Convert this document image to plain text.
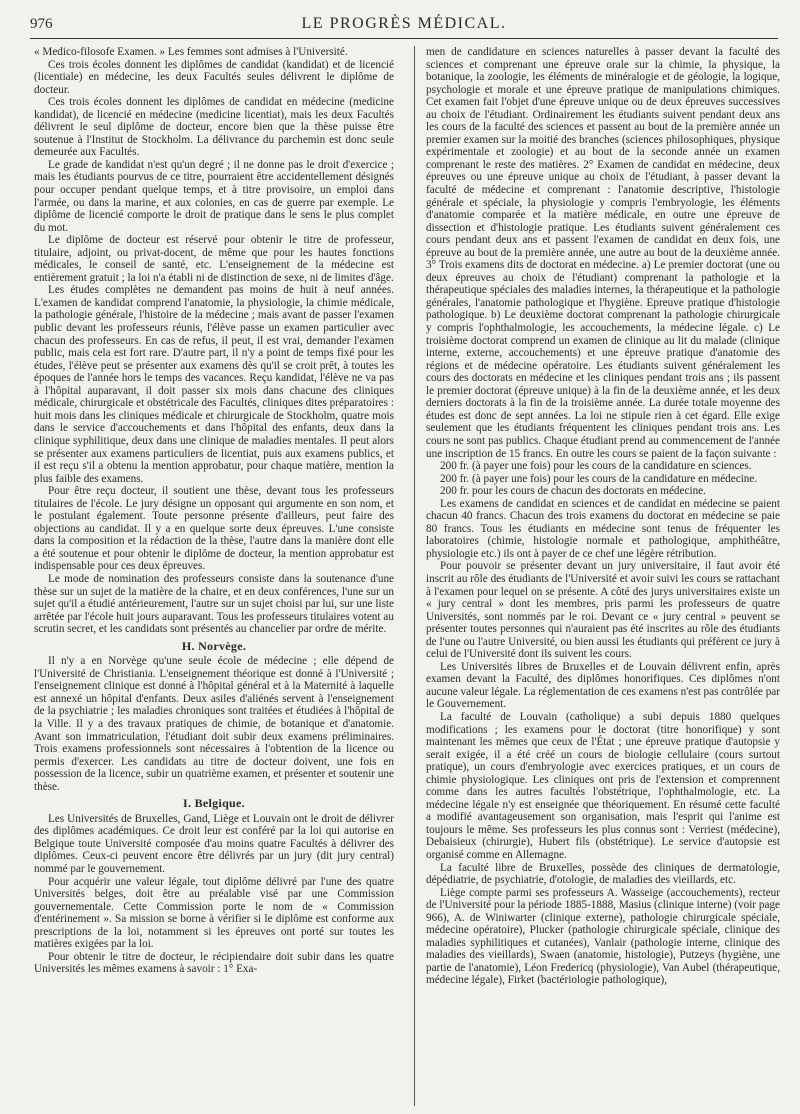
976	LE PROGRÈS MÉDICAL.

« Medico-filosofe Examen. » Les femmes sont admises à l'Université.

Ces trois écoles donnent les diplômes de candidat (kandidat) et de licencié (licentiale) en médecine, les deux Facultés seules délivrent le diplôme de docteur.

Ces trois écoles donnent les diplômes de candidat en médecine (medicine kandidat), de licencié en médecine (medicine licentiat), mais les deux Facultés délivrent le seul diplôme de docteur, encore bien que la thèse puisse être soutenue à l'Institut de Stockholm. La délivrance du parchemin est donc seule demeurée aux Facultés.

Le grade de kandidat n'est qu'un degré ; il ne donne pas le droit d'exercice ; mais les étudiants pourvus de ce titre, pourraient être accidentellement désignés pour occuper pendant quelque temps, et à titre provisoire, un emploi dans l'armée, ou dans la marine, et aux colonies, en cas de guerre par exemple. Le diplôme de licencié comporte le droit de pratique dans le sens le plus complet du mot.

Le diplôme de docteur est réservé pour obtenir le titre de professeur, titulaire, adjoint, ou privat-docent, de même que pour les hautes fonctions médicales, le conseil de santé, etc. L'enseignement de la médecine est entièrement gratuit ; la loi n'a établi ni de distinction de sexe, ni de limites d'âge.

Les études complètes ne demandent pas moins de huit à neuf années. L'examen de kandidat comprend l'anatomie, la physiologie, la chimie médicale, la pathologie générale, l'histoire de la médecine ; mais avant de passer l'examen public devant les professeurs réunis, l'élève passe un examen particulier avec chacun des professeurs. En cas de refus, il peut, il est vrai, demander l'examen public, mais cela est fort rare. D'autre part, il n'y a point de temps fixé pour les études, l'élève peut se présenter aux examens dès qu'il se croit prêt, à toutes les époques de l'année hors le temps des vacances. Reçu kandidat, l'élève ne va pas à l'hôpital auparavant, il doit passer six mois dans chacune des cliniques médicale, chirurgicale et obstétricale des Facultés, cliniques dites préparatoires : huit mois dans les cliniques médicale et chirurgicale de Stockholm, quatre mois dans le service d'accouchements et dans l'hôpital des enfants, deux dans la clinique syphilitique, deux dans une clinique de maladies mentales. Il peut alors se présenter aux examens particuliers de licentiat, puis aux examens publics, et il est reçu s'il a obtenu la mention approbatur, pour chaque matière, mention la plus faible des examens.

Pour être reçu docteur, il soutient une thèse, devant tous les professeurs titulaires de l'école. Le jury désigne un opposant qui argumente en son nom, et le postulant également. Toute personne présente d'ailleurs, peut faire des objections au candidat. Il y a en quelque sorte deux épreuves. L'une consiste dans la composition et la rédaction de la thèse, l'autre dans la manière dont elle a été soutenue et pour obtenir le diplôme de docteur, la mention approbatur est indispensable pour ces deux épreuves.

Le mode de nomination des professeurs consiste dans la soutenance d'une thèse sur un sujet de la matière de la chaire, et en deux conférences, l'une sur un sujet qu'il a étudié antérieurement, l'autre sur un sujet choisi par lui, sur une liste arrêtée par l'école huit jours auparavant. Tous les professeurs titulaires votent au scrutin secret, et les candidats sont présentés au chancelier par ordre de mérite.

H. Norvège.

Il n'y a en Norvège qu'une seule école de médecine ; elle dépend de l'Université de Christiania. L'enseignement théorique est donné à l'Université ; l'enseignement clinique est donné à l'hôpital général et à la Maternité à laquelle est annexé un hôpital d'enfants. Deux asiles d'aliénés servent à l'enseignement de la psychiatrie ; les maladies chroniques sont traitées et étudiées à l'hôpital de la Ville. Il y a des travaux pratiques de chimie, de botanique et d'anatomie. Avant son immatriculation, l'étudiant doit subir deux examens préliminaires. Trois examens professionnels sont nécessaires à l'obtention de la licence ou permis d'exercer. Les candidats au titre de docteur doivent, une fois en possession de la licence, subir un quatrième examen, et présenter et soutenir une thèse.

I. Belgique.

Les Universités de Bruxelles, Gand, Liège et Louvain ont le droit de délivrer des diplômes académiques. Ce droit leur est conféré par la loi qui autorise en Belgique toute Université composée d'au moins quatre Facultés à délivrer des diplômes. Ceux-ci peuvent encore être délivrés par un jury (dit jury central) nommé par le gouvernement.

Pour acquérir une valeur légale, tout diplôme délivré par l'une des quatre Universités belges, doit être au préalable visé par une Commission gouvernementale. Cette Commission porte le nom de « Commission d'entérinement ». Sa mission se borne à vérifier si le diplôme est conforme aux prescriptions de la loi, notamment si les épreuves ont porté sur toutes les matières exigées par la loi.

Pour obtenir le titre de docteur, le récipiendaire doit subir dans les quatre Universités les mêmes examens à savoir : 1° Exa-

men de candidature en sciences naturelles à passer devant la faculté des sciences et comprenant une épreuve orale sur la chimie, la physique, la botanique, la zoologie, les éléments de minéralogie et de géologie, la logique, psychologie et morale et une épreuve pratique de manipulations chimiques. Cet examen fait l'objet d'une épreuve unique ou de deux épreuves successives au choix de l'étudiant. Ordinairement les étudiants suivent pendant deux ans les cours de la faculté des sciences et passent au bout de la première année un premier examen sur la moitié des branches (sciences philosophiques, physique expérimentale et zoologie) et au bout de la seconde année un examen comprenant le reste des matières. 2° Examen de candidat en médecine, deux épreuves ou une épreuve unique au choix de l'étudiant, à passer devant la faculté de médecine et comprenant : l'anatomie descriptive, l'histologie générale et spéciale, la physiologie y compris l'embryologie, les éléments d'anatomie comparée et la matière médicale, en outre une épreuve de dissection et d'histologie pratique. Les étudiants suivent généralement ces cours pendant deux ans et passent l'examen de candidat en deux fois, une épreuve au bout de la première année, une autre au bout de la deuxième année. 3° Trois examens dits de doctorat en médecine. a) Le premier doctorat (une ou deux épreuves au choix de l'étudiant) comprenant la pathologie et la thérapeutique spéciales des maladies internes, la thérapeutique et la pathologie générales, l'anatomie pathologique et l'hygiène. Epreuve pratique d'histologie pathologique. b) Le deuxième doctorat comprenant la pathologie chirurgicale y compris l'ophthalmologie, les accouchements, la médecine légale. c) Le troisième doctorat comprend un examen de clinique au lit du malade (clinique interne, externe, accouchements) et une épreuve pratique d'anatomie des régions et de médecine opératoire. Les étudiants suivent généralement les cours des doctorats en médecine et les cliniques pendant trois ans ; ils passent le premier doctorat (épreuve unique) à la fin de la deuxième année, et les deux derniers doctorats à la fin de la troisième année. La durée totale moyenne des études est donc de sept années. La loi ne stipule rien à cet égard. Elle exige seulement que les étudiants fréquentent les cliniques pendant trois ans. Les cours ne sont pas publics. Chaque étudiant prend au commencement de l'année une inscription de 15 francs. En outre les cours se paient de la façon suivante :

200 fr. (à payer une fois) pour les cours de la candidature en sciences.

200 fr. (à payer une fois) pour les cours de la candidature en médecine.

200 fr. pour les cours de chacun des doctorats en médecine.

Les examens de candidat en sciences et de candidat en médecine se paient chacun 40 francs. Chacun des trois examens du doctorat en médecine se paie 80 francs. Tous les étudiants en médecine sont tenus de fréquenter les laboratoires (chimie, histologie normale et pathologique, amphithéâtre, physiologie etc.) ils ont à payer de ce chef une légère rétribution.

Pour pouvoir se présenter devant un jury universitaire, il faut avoir été inscrit au rôle des étudiants de l'Université et avoir suivi les cours se rattachant à l'examen pour lequel on se présente. A côté des jurys universitaires existe un « jury central » dont les membres, pris parmi les professeurs de quatre Universités, sont nommés par le roi. Devant ce « jury central » peuvent se présenter toutes personnes qui n'auraient pas été inscrites au rôle des étudiants de l'une ou l'autre Université, ou bien aussi les étudiants qui préfèrent ce jury à celui de l'Université dont ils suivent les cours.

Les Universités libres de Bruxelles et de Louvain délivrent enfin, après examen devant la Faculté, des diplômes honorifiques. Ces diplômes n'ont aucune valeur légale. La réglementation de ces examens n'est pas contrôlée par le Gouvernement.

La faculté de Louvain (catholique) a subi depuis 1880 quelques modifications ; les examens pour le doctorat (titre honorifique) y sont maintenant les mêmes que ceux de l'État ; une épreuve pratique d'autopsie y serait exigée, il a été créé un cours de biologie cellulaire (cours surtout pratique), un cours d'embryologie avec exercices pratiques, et un cours de chimie physiologique. Les cliniques ont pris de l'extension et comprennent comme dans les autres facultés l'obstétrique, l'ophthalmologie, etc. La médecine légale n'y est enseignée que théoriquement. En résumé cette faculté a modifié avantageusement son organisation, mais l'esprit qui l'anime est toujours le même. Ses professeurs les plus connus sont : Verriest (médecine), Debaisieux (chirurgie), Hubert fils (obstétrique). Le service d'autopsie est organisé comme en Allemagne.

La faculté libre de Bruxelles, possède des cliniques de dermatologie, dépédiatrie, de psychiatrie, d'otologie, de maladies des vieillards, etc.

Liège compte parmi ses professeurs A. Wasseige (accouchements), recteur de l'Université pour la période 1885-1888, Masius (clinique interne) (voir page 966), A. de Winiwarter (clinique externe), pathologie chirurgicale spéciale, médecine opératoire), Plucker (pathologie chirurgicale spéciale, clinique des maladies syphilitiques et cutanées), Vanlair (pathologie interne, clinique des maladies des vieillards), Swaen (anatomie, histologie), Putzeys (hygiène, une partie de l'anatomie), Léon Fredericq (physiologie), Van Aubel (thérapeutique, médecine légale), Firket (bactériologie pathologique),
